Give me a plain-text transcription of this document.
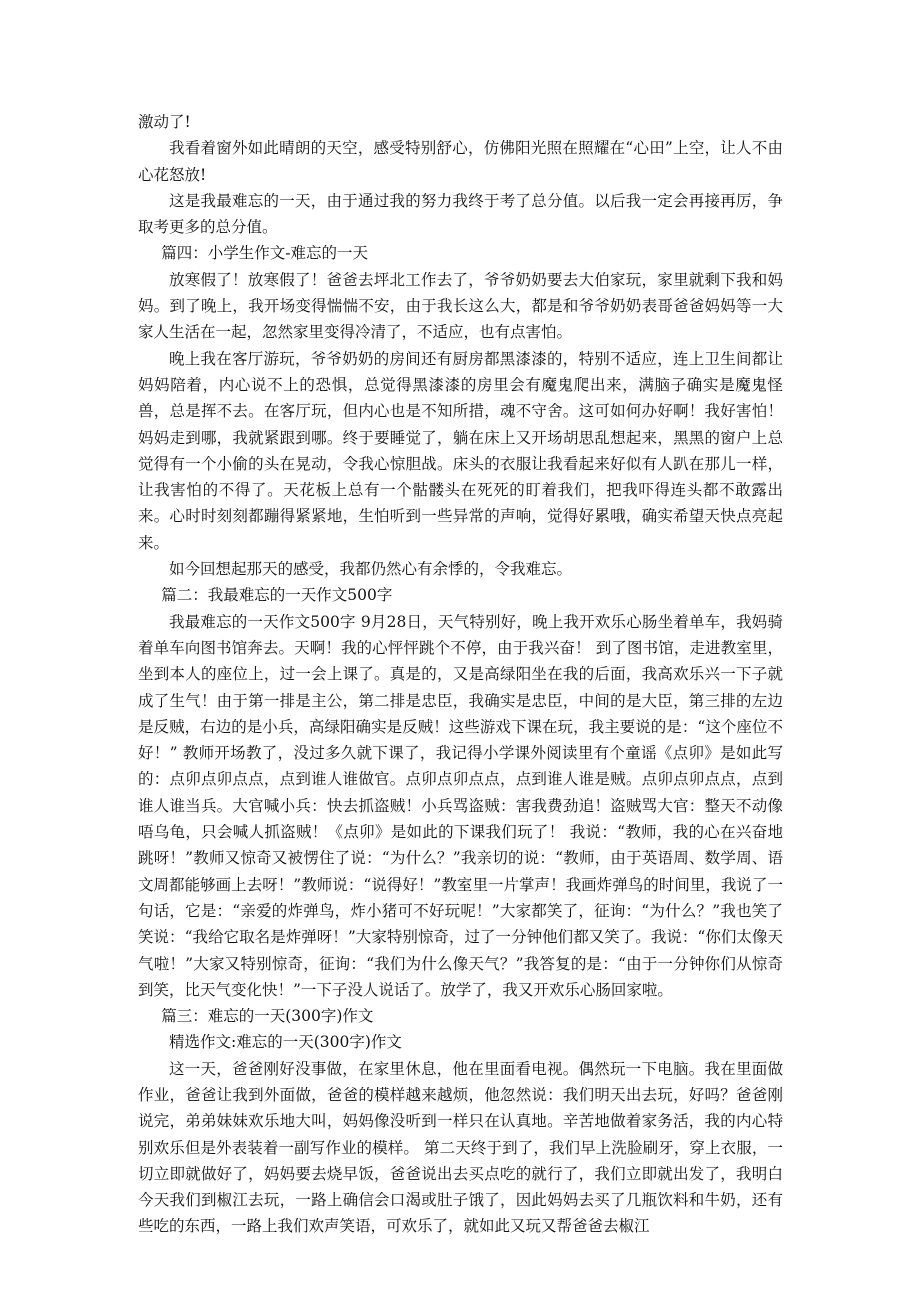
激动了!

我看着窗外如此晴朗的天空，感受特别舒心，仿佛阳光照在照耀在“心田”上空，让人不由心花怒放!

这是我最难忘的一天，由于通过我的努力我终于考了总分值。以后我一定会再接再厉，争取考更多的总分值。

篇四：小学生作文-难忘的一天

放寒假了！放寒假了！爸爸去坪北工作去了，爷爷奶奶要去大伯家玩，家里就剩下我和妈妈。到了晚上，我开场变得惴惴不安，由于我长这么大，都是和爷爷奶奶表哥爸爸妈妈等一大家人生活在一起，忽然家里变得冷清了，不适应，也有点害怕。

晚上我在客厅游玩，爷爷奶奶的房间还有厨房都黑漆漆的，特别不适应，连上卫生间都让妈妈陪着，内心说不上的恐惧，总觉得黑漆漆的房里会有魔鬼爬出来，满脑子确实是魔鬼怪兽，总是挥不去。在客厅玩，但内心也是不知所措，魂不守舍。这可如何办好啊！我好害怕！妈妈走到哪，我就紧跟到哪。终于要睡觉了，躺在床上又开场胡思乱想起来，黑黑的窗户上总觉得有一个小偷的头在晃动，令我心惊胆战。床头的衣服让我看起来好似有人趴在那儿一样，让我害怕的不得了。天花板上总有一个骷髅头在死死的盯着我们，把我吓得连头都不敢露出来。心时时刻刻都蹦得紧紧地，生怕听到一些异常的声响，觉得好累哦，确实希望天快点亮起来。

如今回想起那天的感受，我都仍然心有余悸的，令我难忘。

篇二：我最难忘的一天作文500字

我最难忘的一天作文500字 9月28日，天气特别好，晚上我开欢乐心肠坐着单车，我妈骑着单车向图书馆奔去。天啊！我的心怦怦跳个不停，由于我兴奋！ 到了图书馆，走进教室里，坐到本人的座位上，过一会上课了。真是的，又是高绿阳坐在我的后面，我高欢乐兴一下子就成了生气！由于第一排是主公，第二排是忠臣，我确实是忠臣，中间的是大臣，第三排的左边是反贼，右边的是小兵，高绿阳确实是反贼！这些游戏下课在玩，我主要说的是：“这个座位不好！” 教师开场教了，没过多久就下课了，我记得小学课外阅读里有个童谣《点卯》是如此写的：点卯点卯点点，点到谁人谁做官。点卯点卯点点，点到谁人谁是贼。点卯点卯点点，点到谁人谁当兵。大官喊小兵：快去抓盗贼！小兵骂盗贼：害我费劲追！盗贼骂大官：整天不动像唔乌龟，只会喊人抓盗贼！《点卯》是如此的下课我们玩了！ 我说：“教师，我的心在兴奋地跳呀！”教师又惊奇又被愣住了说：“为什么？”我亲切的说：“教师，由于英语周、数学周、语文周都能够画上去呀！”教师说：“说得好！”教室里一片掌声！我画炸弹鸟的时间里，我说了一句话，它是：“亲爱的炸弹鸟，炸小猪可不好玩呢！”大家都笑了，征询：“为什么？”我也笑了笑说：“我给它取名是炸弹呀！”大家特别惊奇，过了一分钟他们都又笑了。我说：“你们太像天气啦！”大家又特别惊奇，征询：“我们为什么像天气？”我答复的是：“由于一分钟你们从惊奇到笑，比天气变化快！”一下子没人说话了。放学了，我又开欢乐心肠回家啦。

篇三：难忘的一天(300字)作文

精选作文:难忘的一天(300字)作文

这一天，爸爸刚好没事做，在家里休息，他在里面看电视。偶然玩一下电脑。我在里面做作业，爸爸让我到外面做，爸爸的模样越来越烦，他忽然说：我们明天出去玩，好吗？爸爸刚说完，弟弟妹妹欢乐地大叫，妈妈像没听到一样只在认真地。辛苦地做着家务活，我的内心特别欢乐但是外表装着一副写作业的模样。 第二天终于到了，我们早上洗脸刷牙，穿上衣服，一切立即就做好了，妈妈要去烧早饭，爸爸说出去买点吃的就行了，我们立即就出发了，我明白今天我们到椒江去玩，一路上确信会口渴或肚子饿了，因此妈妈去买了几瓶饮料和牛奶，还有些吃的东西，一路上我们欢声笑语，可欢乐了，就如此又玩又帮爸爸去椒江
